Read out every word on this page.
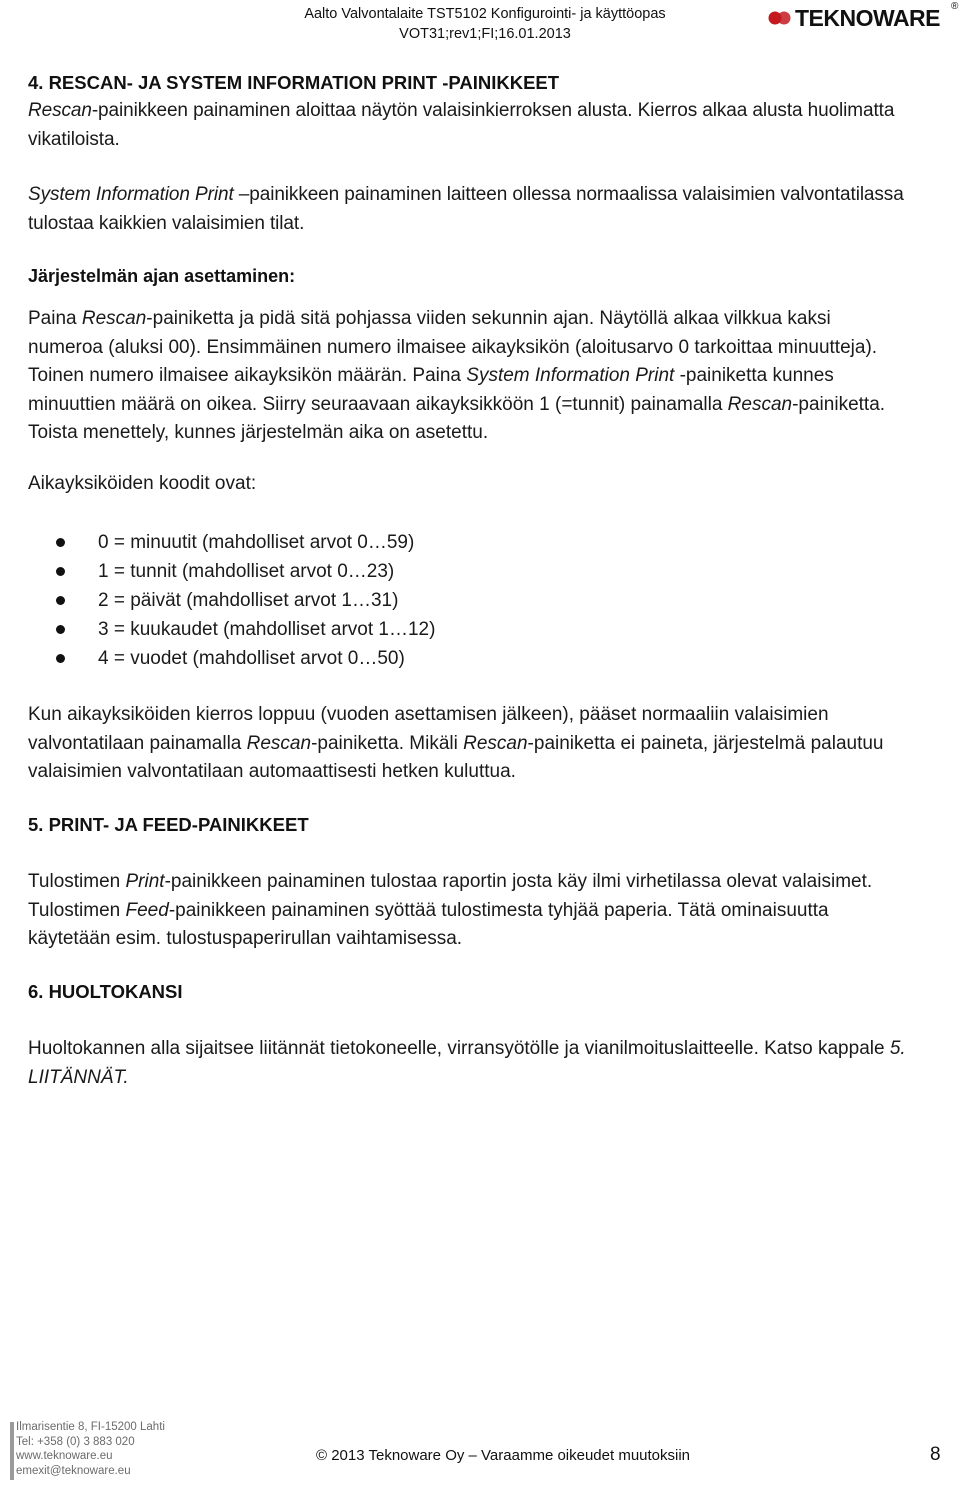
Aalto Valvontalaite TST5102 Konfigurointi- ja käyttöopas
VOT31;rev1;FI;16.01.2013
TEKNOWARE ®
4. RESCAN- JA SYSTEM INFORMATION PRINT -PAINIKKEET
Rescan-painikkeen painaminen aloittaa näytön valaisinkierroksen alusta. Kierros alkaa alusta huolimatta vikatiloista.
System Information Print –painikkeen painaminen laitteen ollessa normaalissa valaisimien valvontatilassa tulostaa kaikkien valaisimien tilat.
Järjestelmän ajan asettaminen:
Paina Rescan-painiketta ja pidä sitä pohjassa viiden sekunnin ajan. Näytöllä alkaa vilkkua kaksi numeroa (aluksi 00). Ensimmäinen numero ilmaisee aikayksikön (aloitusarvo 0 tarkoittaa minuutteja). Toinen numero ilmaisee aikayksikön määrän. Paina System Information Print -painiketta kunnes minuuttien määrä on oikea. Siirry seuraavaan aikayksikköön 1 (=tunnit) painamalla Rescan-painiketta. Toista menettely, kunnes järjestelmän aika on asetettu.
Aikayksiköiden koodit ovat:
0 = minuutit (mahdolliset arvot 0…59)
1 = tunnit (mahdolliset arvot 0…23)
2 = päivät (mahdolliset arvot 1…31)
3 = kuukaudet (mahdolliset arvot 1…12)
4 = vuodet (mahdolliset arvot 0…50)
Kun aikayksiköiden kierros loppuu (vuoden asettamisen jälkeen), pääset normaaliin valaisimien valvontatilaan painamalla Rescan-painiketta. Mikäli Rescan-painiketta ei paineta, järjestelmä palautuu valaisimien valvontatilaan automaattisesti hetken kuluttua.
5. PRINT- JA FEED-PAINIKKEET
Tulostimen Print-painikkeen painaminen tulostaa raportin josta käy ilmi virhetilassa olevat valaisimet. Tulostimen Feed-painikkeen painaminen syöttää tulostimesta tyhjää paperia. Tätä ominaisuutta käytetään esim. tulostuspaperirullan vaihtamisessa.
6. HUOLTOKANSI
Huoltokannen alla sijaitsee liitännät tietokoneelle, virransyötölle ja vianilmoituslaitteelle. Katso kappale 5. LIITÄNNÄT.
Ilmarisentie 8, FI-15200 Lahti
Tel: +358 (0) 3 883 020
www.teknoware.eu
emexit@teknoware.eu
© 2013 Teknoware Oy – Varaamme oikeudet muutoksiin	8
